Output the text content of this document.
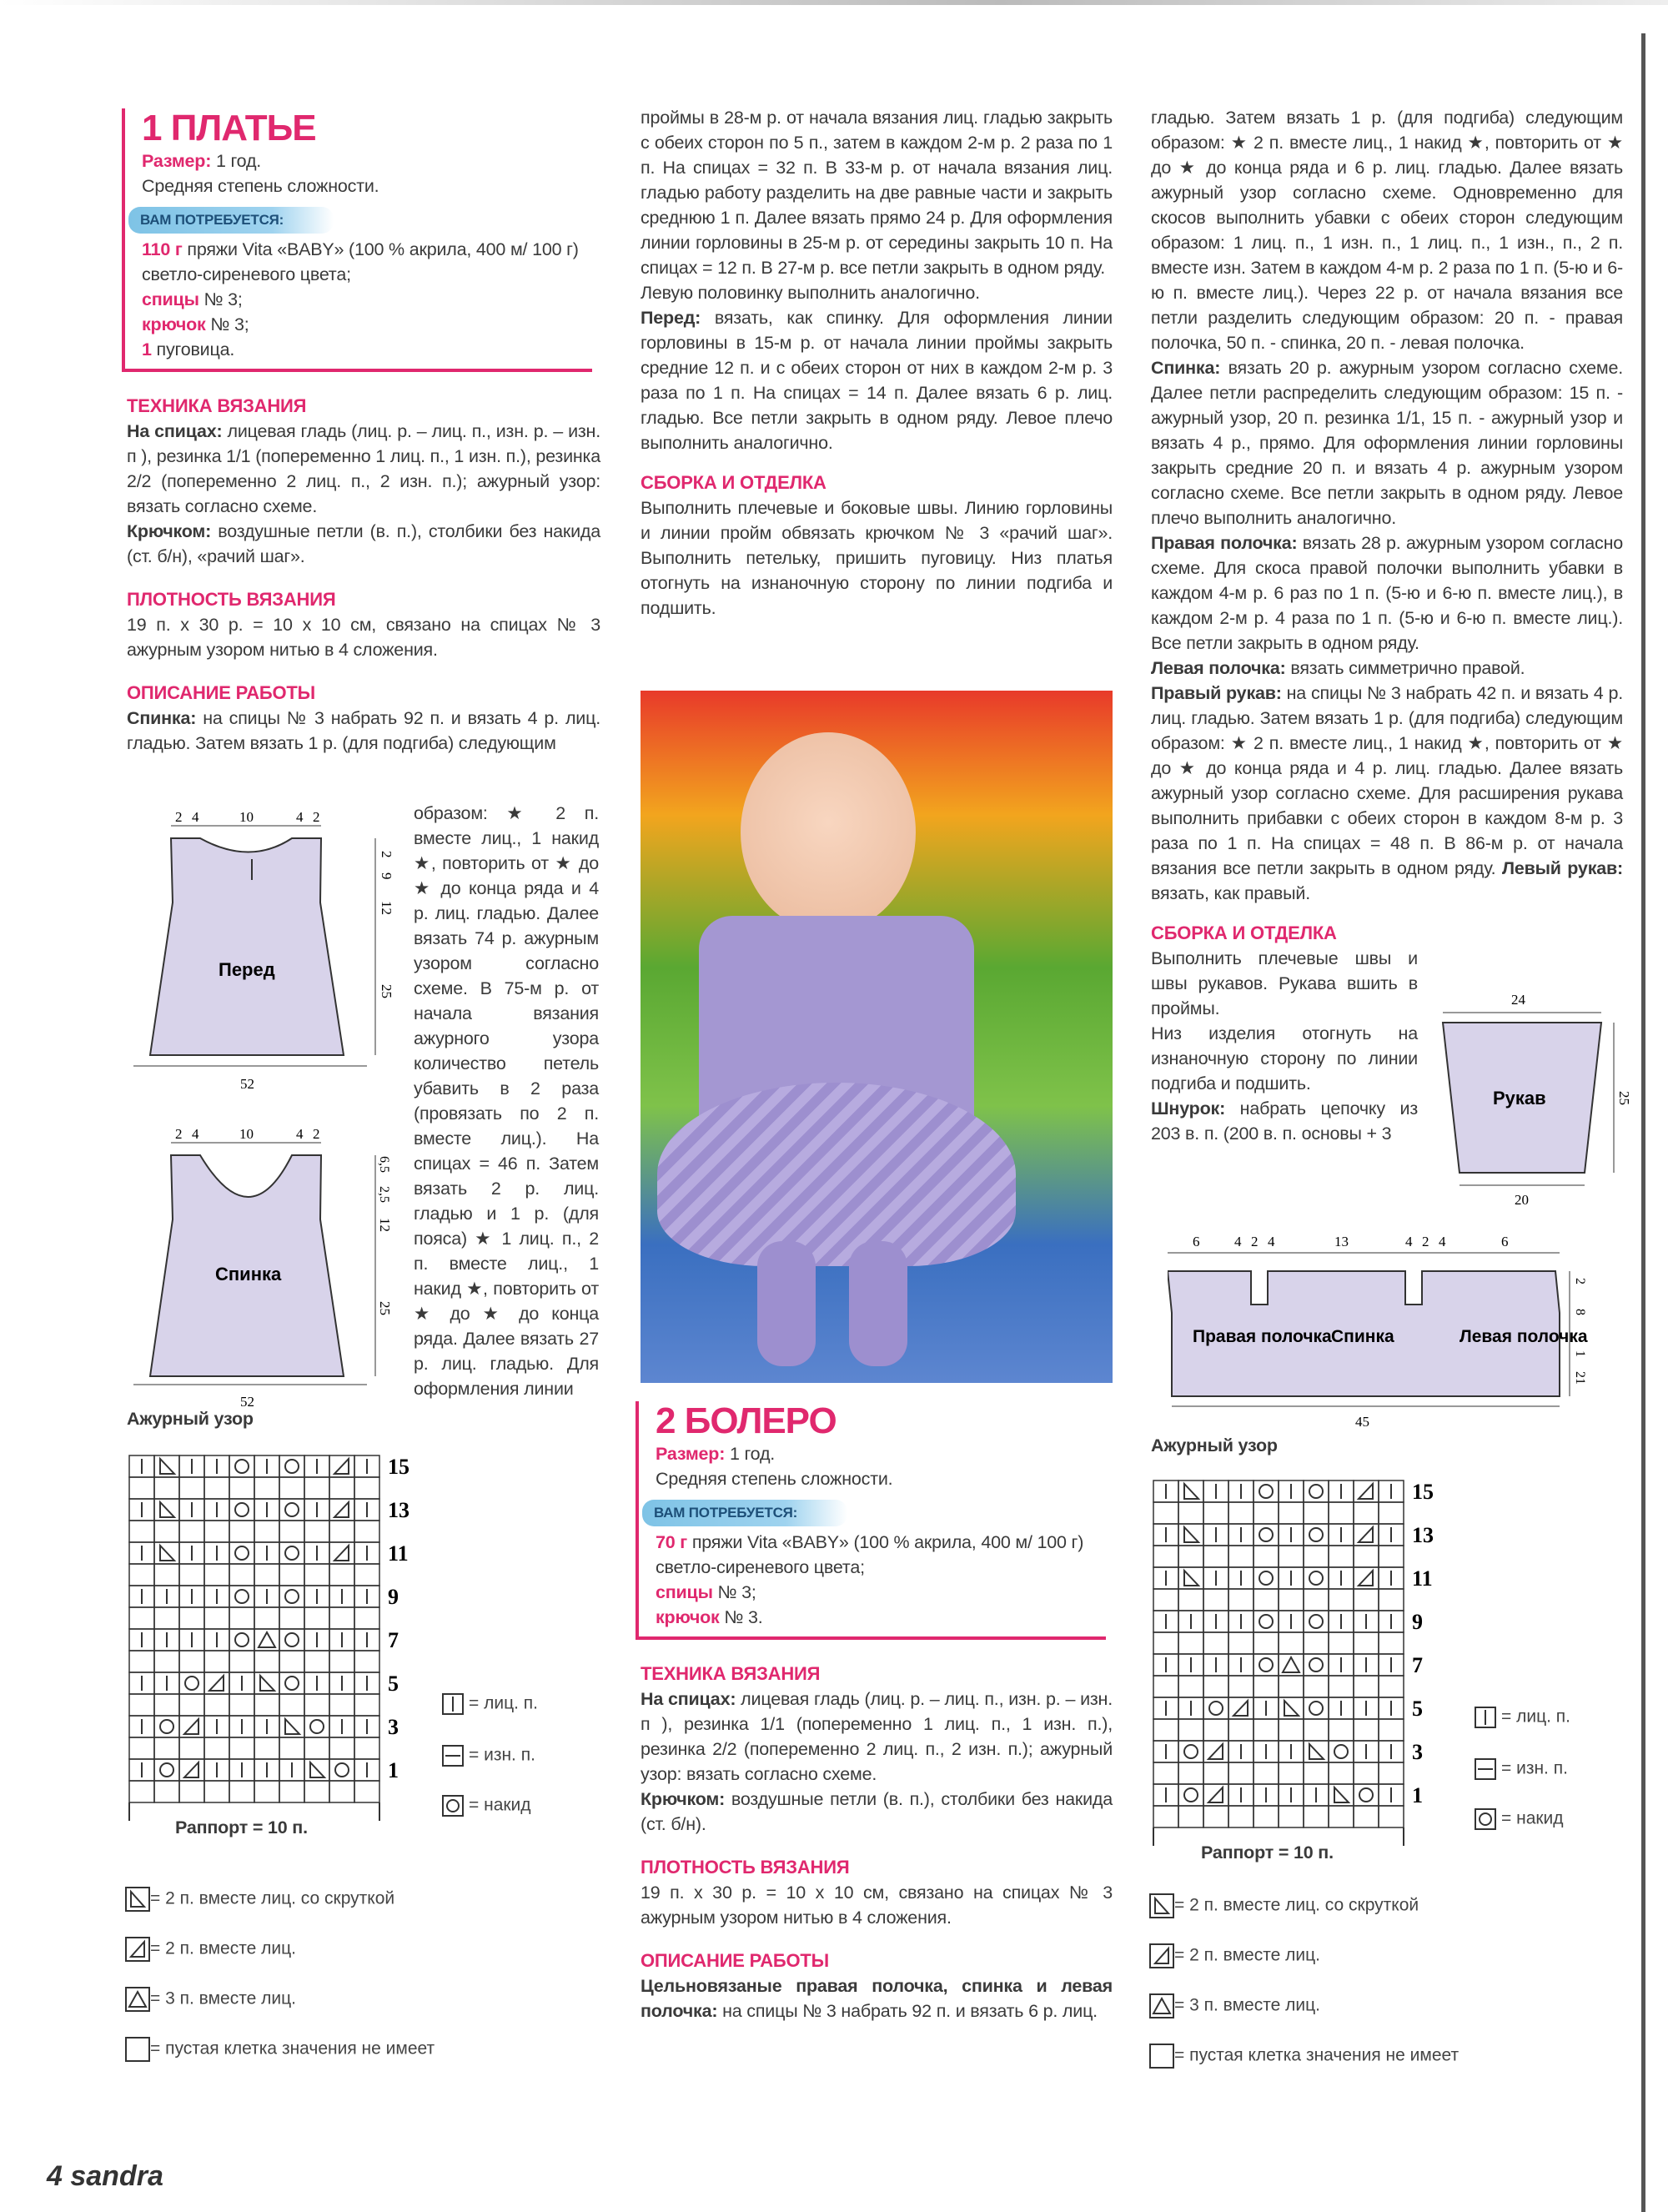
1 ПЛАТЬЕ

Размер: 1 год.

Средняя степень сложности.

ВАМ ПОТРЕБУЕТСЯ:

110 г пряжи Vita «BABY» (100 % акрила, 400 м/ 100 г) светло-сиреневого цвета;

спицы № 3;

крючок № 3;

1 пуговица.

ТЕХНИКА ВЯЗАНИЯ

На спицах: лицевая гладь (лиц. р. – лиц. п., изн. р. – изн. п ), резинка 1/1 (попеременно 1 лиц. п., 1 изн. п.), резинка 2/2 (попеременно 2 лиц. п., 2 изн. п.); ажурный узор: вязать согласно схеме.

Крючком: воздушные петли (в. п.), столбики без накида (ст. б/н), «рачий шаг».

ПЛОТНОСТЬ ВЯЗАНИЯ

19 п. х 30 р. = 10 х 10 см, связано на спицах № 3 ажурным узором нитью в 4 сложения.

ОПИСАНИЕ РАБОТЫ

Спинка: на спицы № 3 набрать 92 п. и вязать 4 р. лиц. гладью. Затем вязать 1 р. (для подгиба) следующим

образом: ★ 2 п. вместе лиц., 1 накид ★, повторить от ★ до ★ до конца ряда и 4 р. лиц. гладью. Далее вязать 74 р. ажурным узором согласно схеме. В 75-м р. от начала вязания ажурного узора количество петель убавить в 2 раза (провязать по 2 п. вместе лиц.). На спицах = 46 п. Затем вязать 2 р. лиц. гладью и 1 р. (для пояса) ★ 1 лиц. п., 2 п. вместе лиц., 1 накид ★, повторить от ★ до ★ до конца ряда. Далее вязать 27 р. лиц. гладью. Для оформления линии
2 4	10	4 2
2
9
12
25
52
Перед
2 4	10	4 2
6,5
2,5
12
25
52
Спинка
Ажурный узор
15
13
11
9
7
5
3
1
Раппорт = 10 п.
= лиц. п.
= изн. п.
= накид
= 2 п. вместе лиц. со скруткой
= 2 п. вместе лиц.
= 3 п. вместе лиц.
= пустая клетка значения не имеет

проймы в 28-м р. от начала вязания лиц. гладью закрыть с обеих сторон по 5 п., затем в каждом 2-м р. 2 раза по 1 п. На спицах = 32 п. В 33-м р. от начала вязания лиц. гладью работу разделить на две равные части и закрыть среднюю 1 п. Далее вязать прямо 24 р. Для оформления линии горловины в 25-м р. от середины закрыть 10 п. На спицах = 12 п. В 27-м р. все петли закрыть в одном ряду.

Левую половинку выполнить аналогично.

Перед: вязать, как спинку. Для оформления линии горловины в 15-м р. от начала линии проймы закрыть средние 12 п. и с обеих сторон от них в каждом 2-м р. 3 раза по 1 п. На спицах = 14 п. Далее вязать 6 р. лиц. гладью. Все петли закрыть в одном ряду. Левое плечо выполнить аналогично.

СБОРКА И ОТДЕЛКА

Выполнить плечевые и боковые швы. Линию горловины и линии пройм обвязать крючком № 3 «рачий шаг». Выполнить петельку, пришить пуговицу. Низ платья отогнуть на изнаночную сторону по линии подгиба и подшить.

2 БОЛЕРО

Размер: 1 год.

Средняя степень сложности.

ВАМ ПОТРЕБУЕТСЯ:

70 г пряжи Vita «BABY» (100 % акрила, 400 м/ 100 г) светло-сиреневого цвета;

спицы № 3;

крючок № 3.

ТЕХНИКА ВЯЗАНИЯ

На спицах: лицевая гладь (лиц. р. – лиц. п., изн. р. – изн. п ), резинка 1/1 (попеременно 1 лиц. п., 1 изн. п.), резинка 2/2 (попеременно 2 лиц. п., 2 изн. п.); ажурный узор: вязать согласно схеме.

Крючком: воздушные петли (в. п.), столбики без накида (ст. б/н).

ПЛОТНОСТЬ ВЯЗАНИЯ

19 п. х 30 р. = 10 х 10 см, связано на спицах № 3 ажурным узором нитью в 4 сложения.

ОПИСАНИЕ РАБОТЫ

Цельновязаные правая полочка, спинка и левая полочка: на спицы № 3 набрать 92 п. и вязать 6 р. лиц.

гладью. Затем вязать 1 р. (для подгиба) следующим образом: ★ 2 п. вместе лиц., 1 накид ★, повторить от ★ до ★ до конца ряда и 6 р. лиц. гладью. Далее вязать ажурный узор согласно схеме. Одновременно для скосов выполнить убавки с обеих сторон следующим образом: 1 лиц. п., 1 изн. п., 1 лиц. п., 1 изн., п., 2 п. вместе изн. Затем в каждом 4-м р. 2 раза по 1 п. (5-ю и 6-ю п. вместе лиц.). Через 22 р. от начала вязания все петли разделить следующим образом: 20 п. - правая полочка, 50 п. - спинка, 20 п. - левая полочка.

Спинка: вязать 20 р. ажурным узором согласно схеме. Далее петли распределить следующим образом: 15 п. - ажурный узор, 20 п. резинка 1/1, 15 п. - ажурный узор и вязать 4 р., прямо. Для оформления линии горловины закрыть средние 20 п. и вязать 4 р. ажурным узором согласно схеме. Все петли закрыть в одном ряду. Левое плечо выполнить аналогично.

Правая полочка: вязать 28 р. ажурным узором согласно схеме. Для скоса правой полочки выполнить убавки в каждом 4-м р. 6 раз по 1 п. (5-ю и 6-ю п. вместе лиц.), в каждом 2-м р. 4 раза по 1 п. (5-ю и 6-ю п. вместе лиц.). Все петли закрыть в одном ряду.

Левая полочка: вязать симметрично правой.

Правый рукав: на спицы № 3 набрать 42 п. и вязать 4 р. лиц. гладью. Затем вязать 1 р. (для подгиба) следующим образом: ★ 2 п. вместе лиц., 1 накид ★, повторить от ★ до ★ до конца ряда и 4 р. лиц. гладью. Далее вязать ажурный узор согласно схеме. Для расширения рукава выполнить прибавки с обеих сторон в каждом 8-м р. 3 раза по 1 п. На спицах = 48 п. В 86-м р. от начала вязания все петли закрыть в одном ряду. Левый рукав: вязать, как правый.

СБОРКА И ОТДЕЛКА

Выполнить плечевые швы и швы рукавов. Рукава вшить в проймы.

Низ изделия отогнуть на изнаночную сторону по линии подгиба и подшить.

Шнурок: набрать цепочку из 203 в. п. (200 в. п. основы + 3

24
25
20
Рукав
45
Правая полочка Спинка	Левая полочка
6 4 2 4	13	4 2 4	6
2
8
1
21
Ажурный узор
15
13
11
9
7
5
3
1
Раппорт = 10 п.
= лиц. п.
= изн. п.
= накид
= 2 п. вместе лиц. со скруткой
= 2 п. вместе лиц.
= 3 п. вместе лиц.
= пустая клетка значения не имеет
4 sandra
